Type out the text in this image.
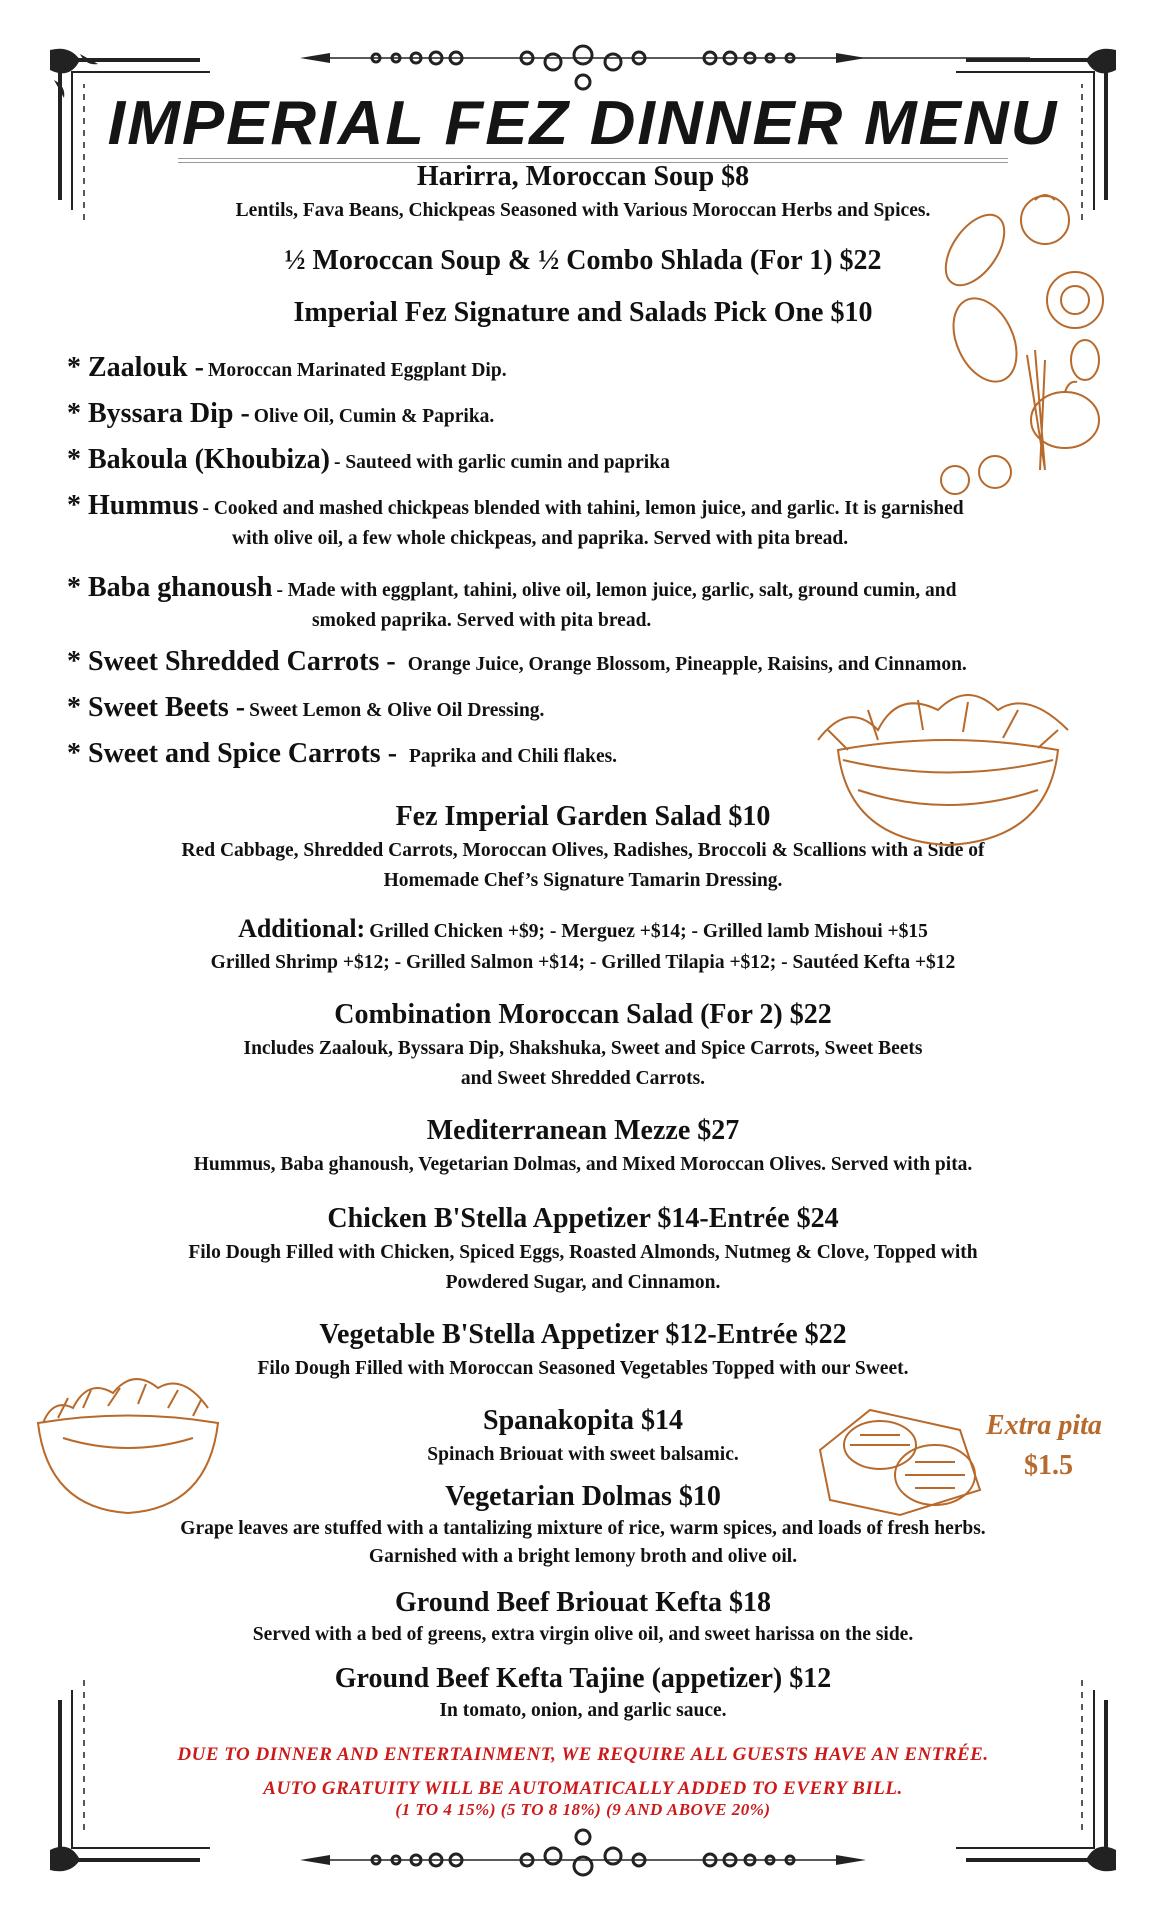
IMPERIAL FEZ DINNER MENU
Harirra, Moroccan Soup $8
Lentils, Fava Beans, Chickpeas Seasoned with Various Moroccan Herbs and Spices.
½ Moroccan Soup & ½ Combo Shlada (For 1) $22
Imperial Fez Signature and Salads Pick One $10
* Zaalouk - Moroccan Marinated Eggplant Dip.
* Byssara Dip - Olive Oil, Cumin & Paprika.
* Bakoula (Khoubiza) - Sauteed with garlic cumin and paprika
* Hummus - Cooked and mashed chickpeas blended with tahini, lemon juice, and garlic. It is garnished
with olive oil, a few whole chickpeas, and paprika. Served with pita bread.
* Baba ghanoush - Made with eggplant, tahini, olive oil, lemon juice, garlic, salt, ground cumin, and
smoked paprika. Served with pita bread.
* Sweet Shredded Carrots - Orange Juice, Orange Blossom, Pineapple, Raisins, and Cinnamon.
* Sweet Beets - Sweet Lemon & Olive Oil Dressing.
* Sweet and Spice Carrots - Paprika and Chili flakes.
Fez Imperial Garden Salad $10
Red Cabbage, Shredded Carrots, Moroccan Olives, Radishes, Broccoli & Scallions with a Side of
Homemade Chef’s Signature Tamarin Dressing.
Additional: Grilled Chicken +$9; - Merguez +$14; - Grilled lamb Mishoui +$15
Grilled Shrimp +$12; - Grilled Salmon +$14; - Grilled Tilapia +$12; - Sautéed Kefta +$12
Combination Moroccan Salad (For 2) $22
Includes Zaalouk, Byssara Dip, Shakshuka, Sweet and Spice Carrots, Sweet Beets
and Sweet Shredded Carrots.
Mediterranean Mezze $27
Hummus, Baba ghanoush, Vegetarian Dolmas, and Mixed Moroccan Olives. Served with pita.
Chicken B'Stella Appetizer $14-Entrée $24
Filo Dough Filled with Chicken, Spiced Eggs, Roasted Almonds, Nutmeg & Clove, Topped with
Powdered Sugar, and Cinnamon.
Vegetable B'Stella Appetizer $12-Entrée $22
Filo Dough Filled with Moroccan Seasoned Vegetables Topped with our Sweet.
Spanakopita $14
Spinach Briouat with sweet balsamic.
Vegetarian Dolmas $10
Grape leaves are stuffed with a tantalizing mixture of rice, warm spices, and loads of fresh herbs.
Garnished with a bright lemony broth and olive oil.
Ground Beef Briouat Kefta $18
Served with a bed of greens, extra virgin olive oil, and sweet harissa on the side.
Ground Beef Kefta Tajine (appetizer) $12
In tomato, onion, and garlic sauce.
DUE TO DINNER AND ENTERTAINMENT, WE REQUIRE ALL GUESTS HAVE AN ENTRÉE.
AUTO GRATUITY WILL BE AUTOMATICALLY ADDED TO EVERY BILL.
(1 TO 4 15%) (5 TO 8 18%) (9 AND ABOVE 20%)
Extra pita
$1.5
